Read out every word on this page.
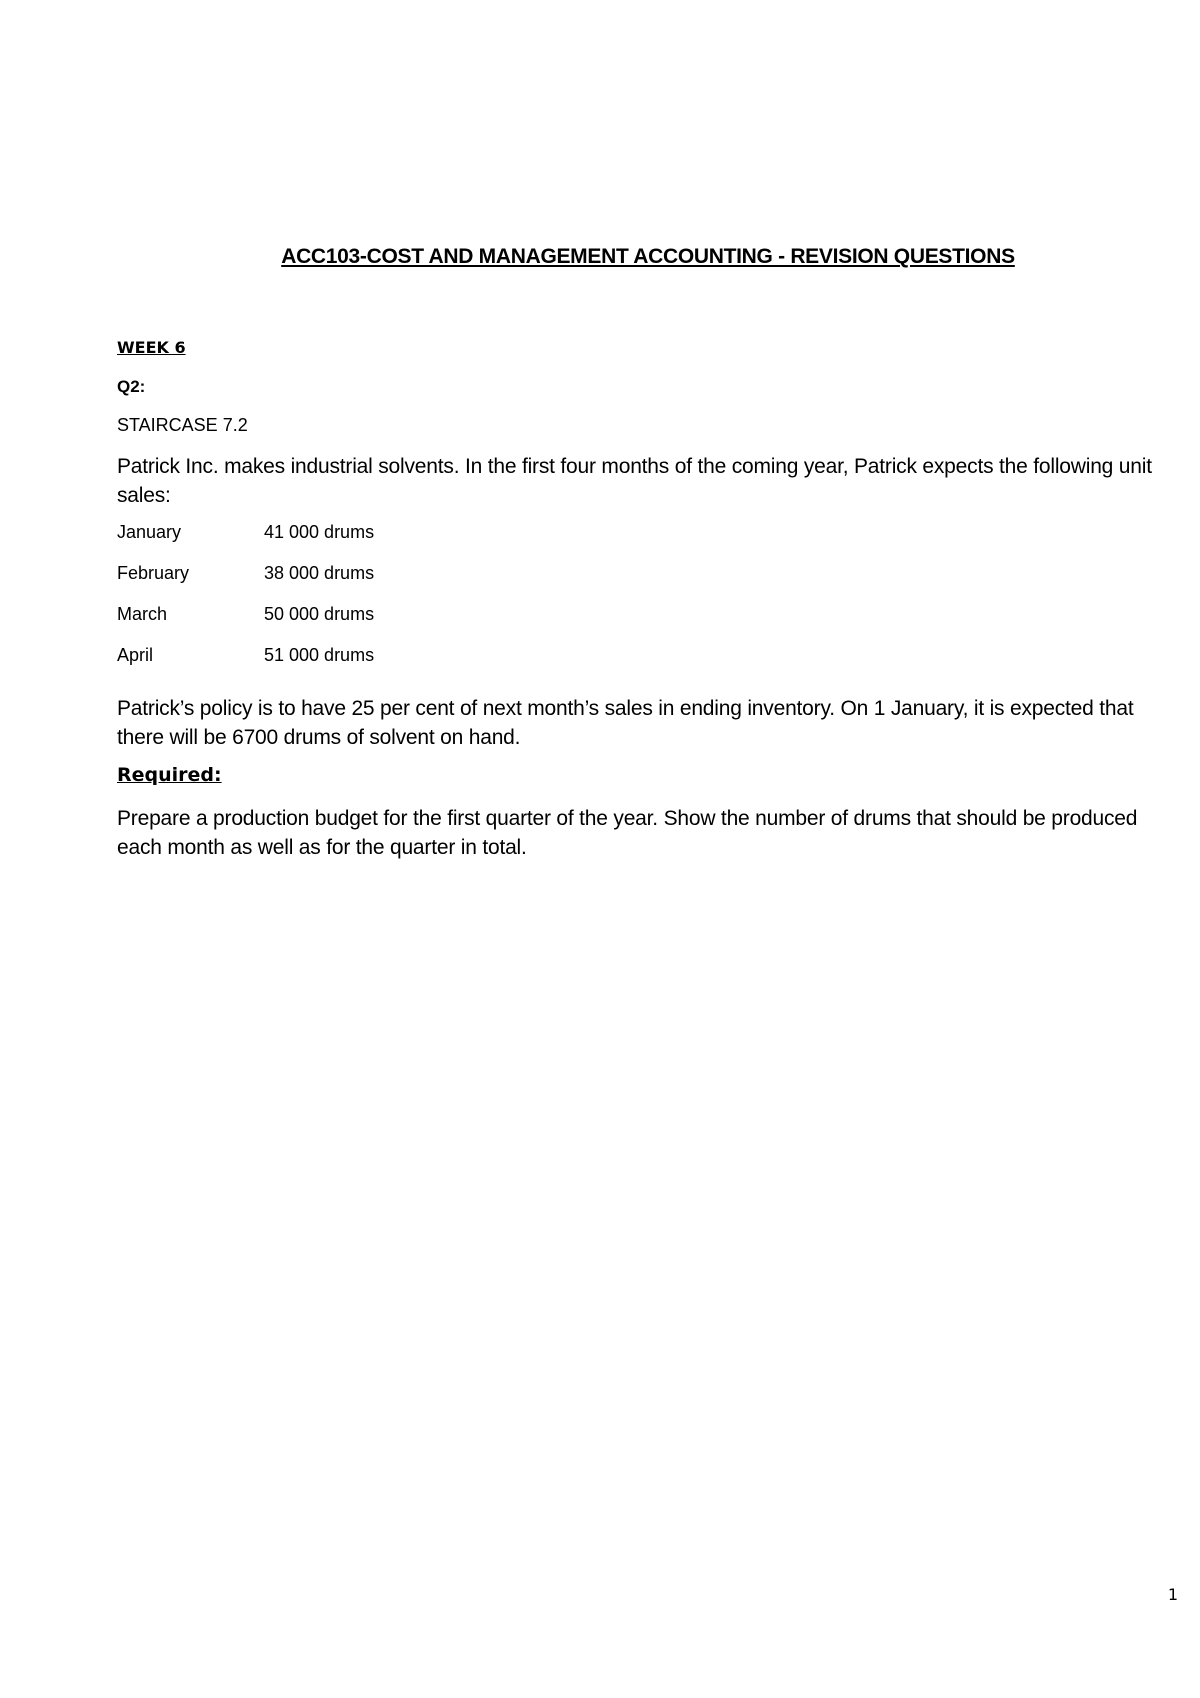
ACC103-COST AND MANAGEMENT ACCOUNTING - REVISION QUESTIONS
WEEK 6
Q2:
STAIRCASE 7.2

Patrick Inc. makes industrial solvents. In the first four months of the coming year, Patrick expects the following unit sales:

January	41 000 drums
February	38 000 drums
March	50 000 drums
April	51 000 drums

Patrick’s policy is to have 25 per cent of next month’s sales in ending inventory. On 1 January, it is expected that there will be 6700 drums of solvent on hand.

Required:

Prepare a production budget for the first quarter of the year. Show the number of drums that should be produced each month as well as for the quarter in total.

1
